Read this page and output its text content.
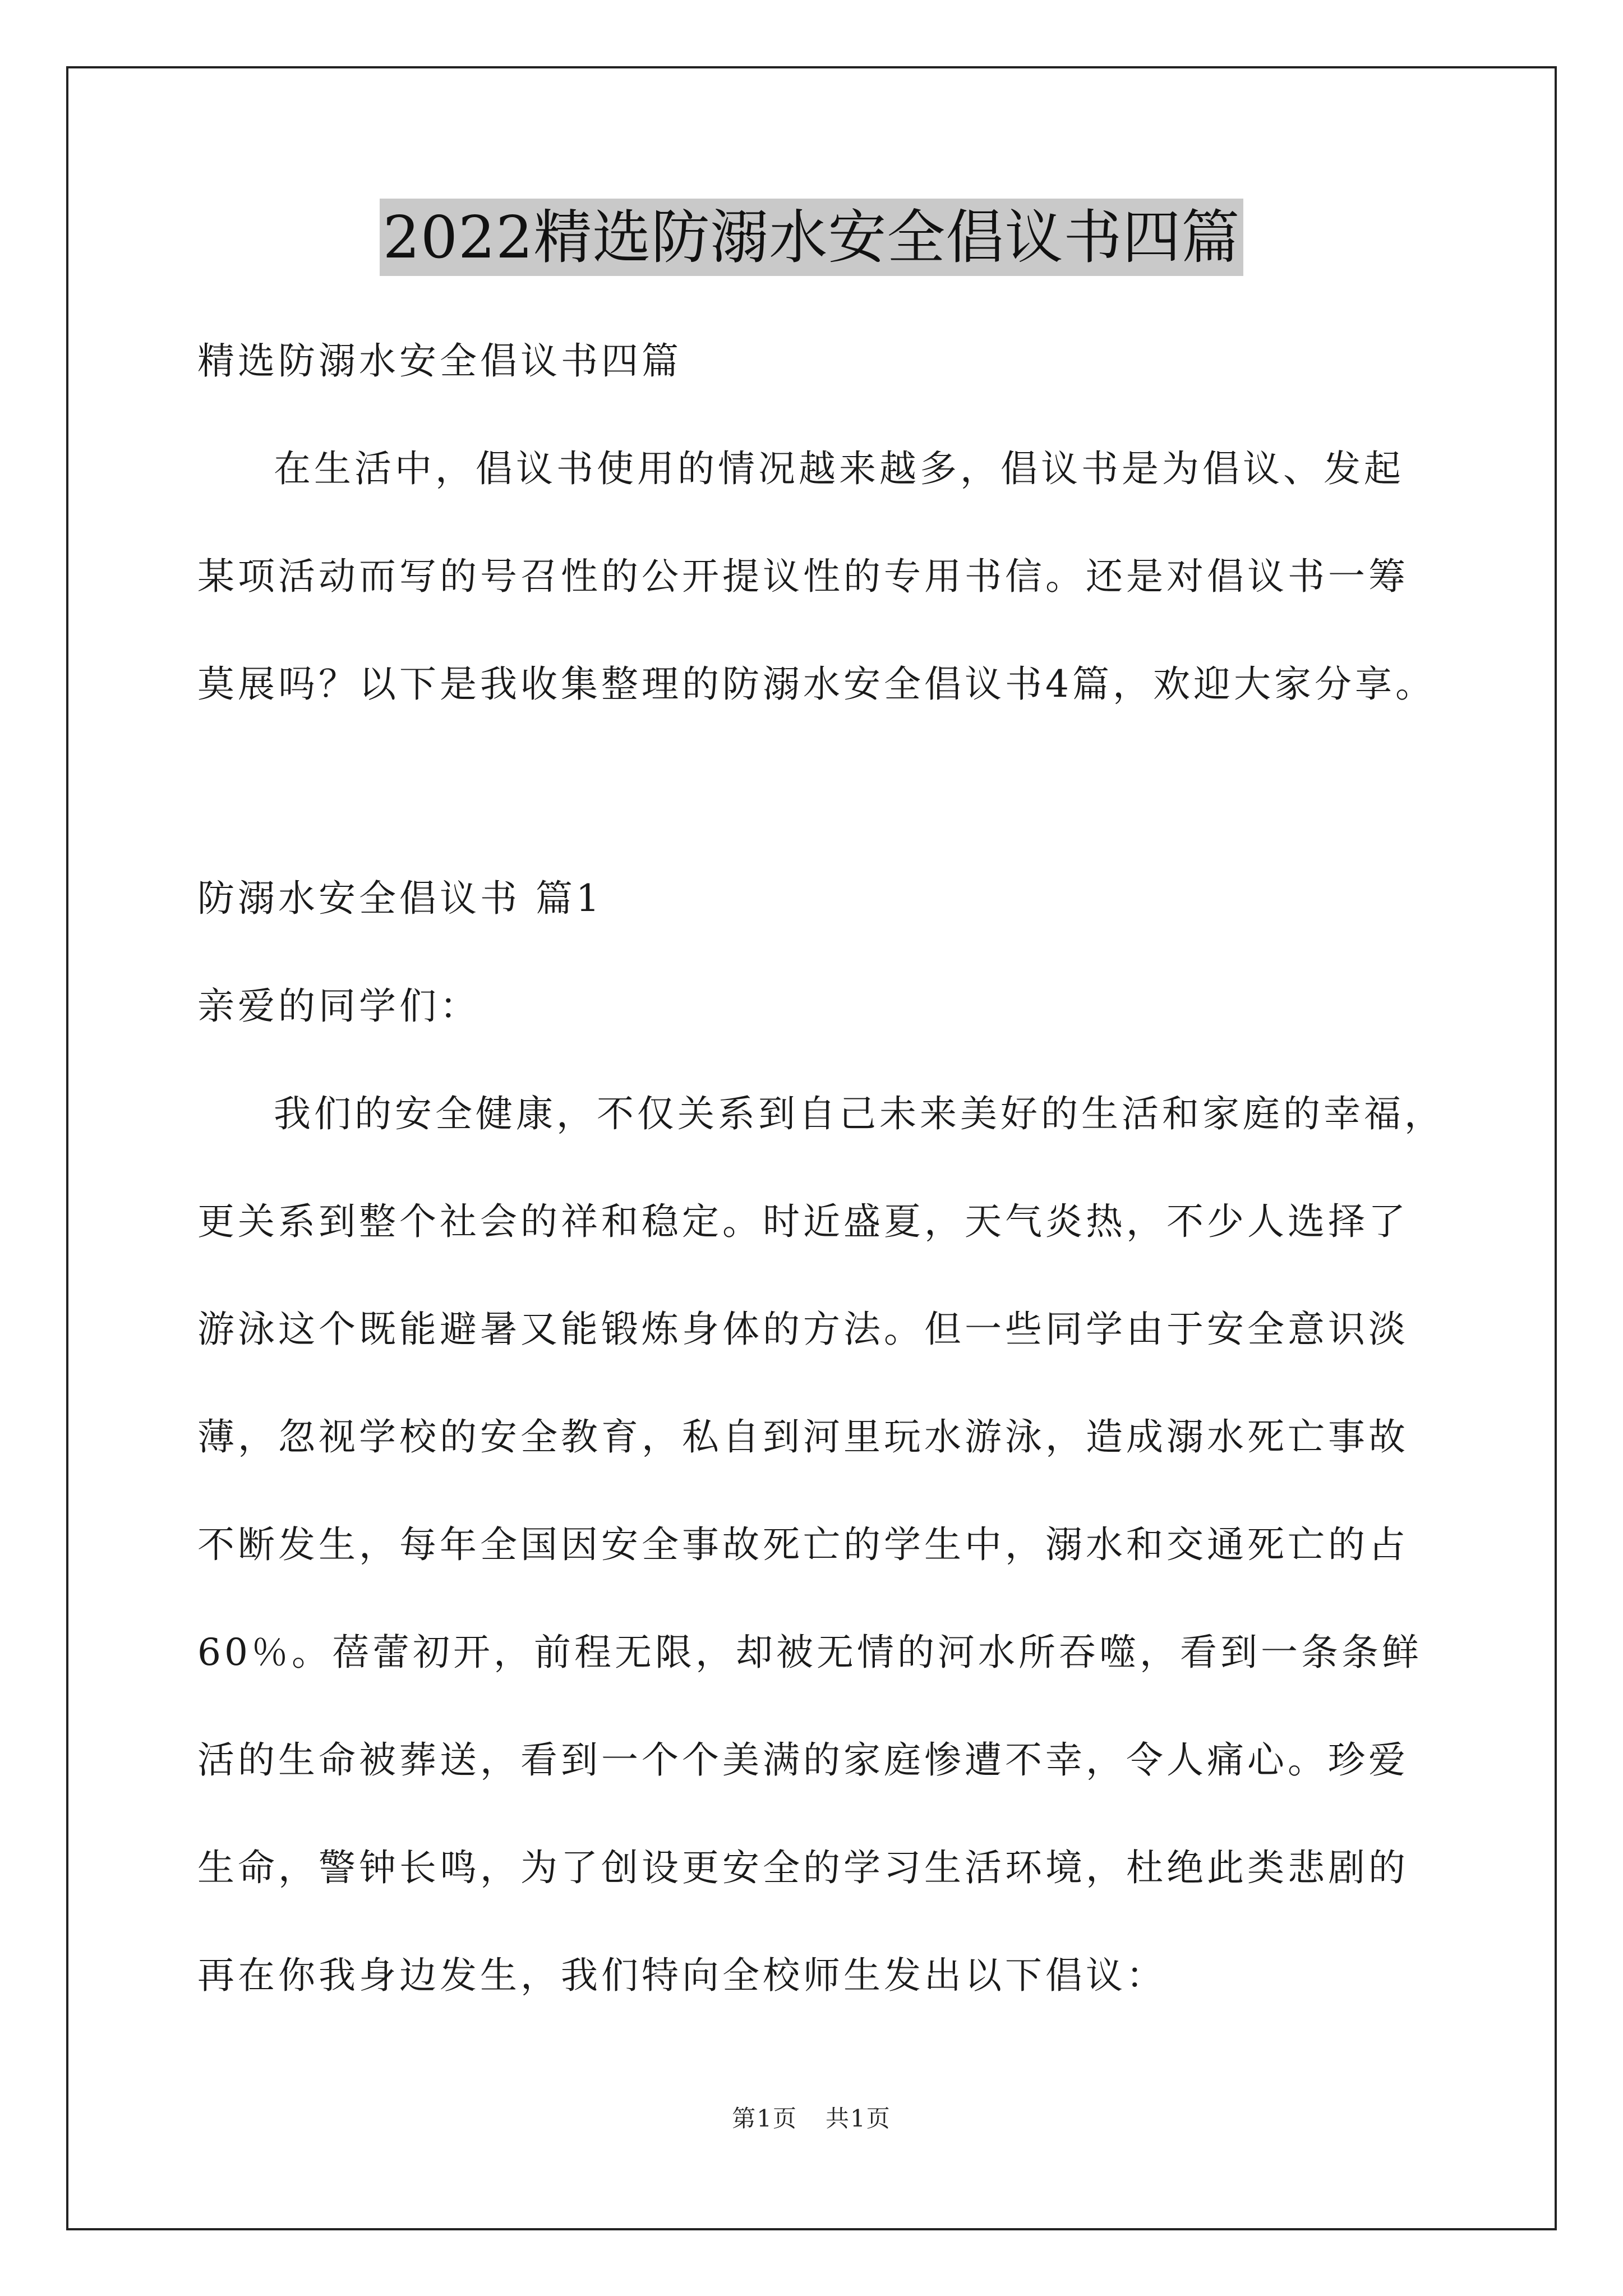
2022精选防溺水安全倡议书四篇

精选防溺水安全倡议书四篇

在生活中，倡议书使用的情况越来越多，倡议书是为倡议、发起

某项活动而写的号召性的公开提议性的专用书信。还是对倡议书一筹

莫展吗？以下是我收集整理的防溺水安全倡议书4篇，欢迎大家分享。

防溺水安全倡议书 篇1

亲爱的同学们：

我们的安全健康，不仅关系到自己未来美好的生活和家庭的幸福，

更关系到整个社会的祥和稳定。时近盛夏，天气炎热，不少人选择了

游泳这个既能避暑又能锻炼身体的方法。但一些同学由于安全意识淡

薄，忽视学校的安全教育，私自到河里玩水游泳，造成溺水死亡事故

不断发生，每年全国因安全事故死亡的学生中，溺水和交通死亡的占

60％。蓓蕾初开，前程无限，却被无情的河水所吞噬，看到一条条鲜

活的生命被葬送，看到一个个美满的家庭惨遭不幸，令人痛心。珍爱

生命，警钟长鸣，为了创设更安全的学习生活环境，杜绝此类悲剧的

再在你我身边发生，我们特向全校师生发出以下倡议：

第1页 共1页
